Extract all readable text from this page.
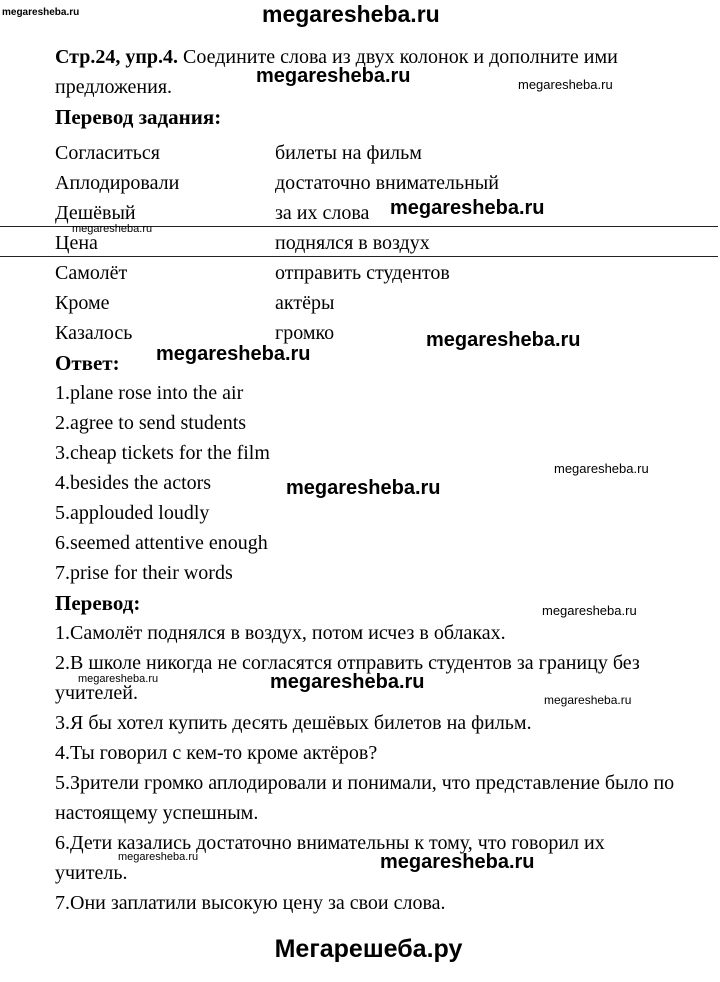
Стр.24, упр.4. Соедините слова из двух колонок и дополните ими предложения.

Перевод задания:

Согласиться	билеты на фильм
Аплодировали	достаточно внимательный
Дешёвый	за их слова
Цена	поднялся в воздух
Самолёт	отправить студентов
Кроме	актёры
Казалось	громко

Ответ:

1.plane rose into the air

2.agree to send students

3.cheap tickets for the film

4.besides the actors

5.applouded loudly

6.seemed attentive enough

7.prise for their words

Перевод:

1.Самолёт поднялся в воздух, потом исчез в облаках.

2.В школе никогда не согласятся отправить студентов за границу без учителей.

3.Я бы хотел купить десять дешёвых билетов на фильм.

4.Ты говорил с кем-то кроме актёров?

5.Зрители громко аплодировали и понимали, что представление было по настоящему успешным.

6.Дети казались достаточно внимательны к тому, что говорил их учитель.

7.Они заплатили высокую цену за свои слова.

Мегарешеба.ру
megaresheba.ru	megaresheba.ru
megaresheba.ru	megaresheba.ru
megaresheba.ru
megaresheba.ru
megaresheba.ru
megaresheba.ru
megaresheba.ru
megaresheba.ru
megaresheba.ru
megaresheba.ru	megaresheba.ru
megaresheba.ru
megaresheba.ru	megaresheba.ru
